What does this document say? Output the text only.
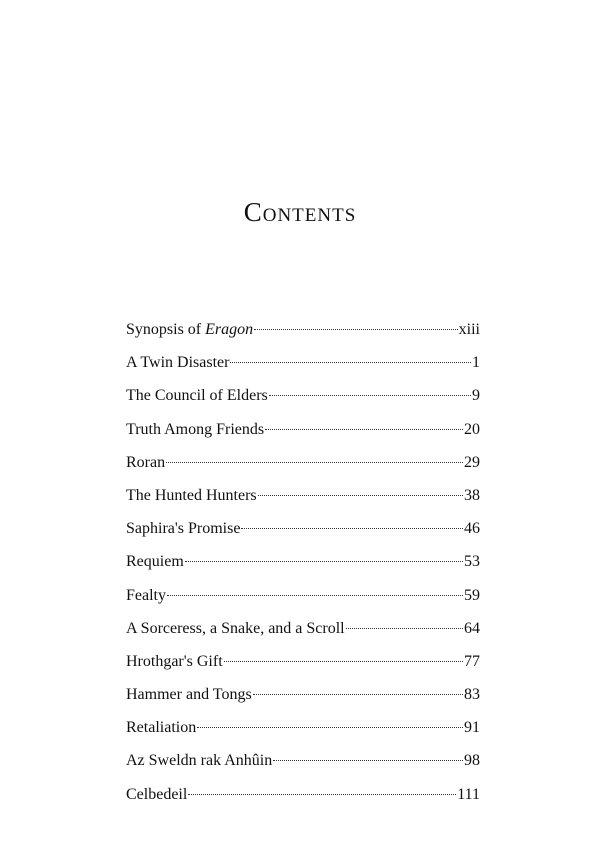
Contents
Synopsis of Eragon	xiii
A Twin Disaster	1
The Council of Elders	9
Truth Among Friends	20
Roran	29
The Hunted Hunters	38
Saphira's Promise	46
Requiem	53
Fealty	59
A Sorceress, a Snake, and a Scroll	64
Hrothgar's Gift	77
Hammer and Tongs	83
Retaliation	91
Az Sweldn rak Anhûin	98
Celbedeil	111
